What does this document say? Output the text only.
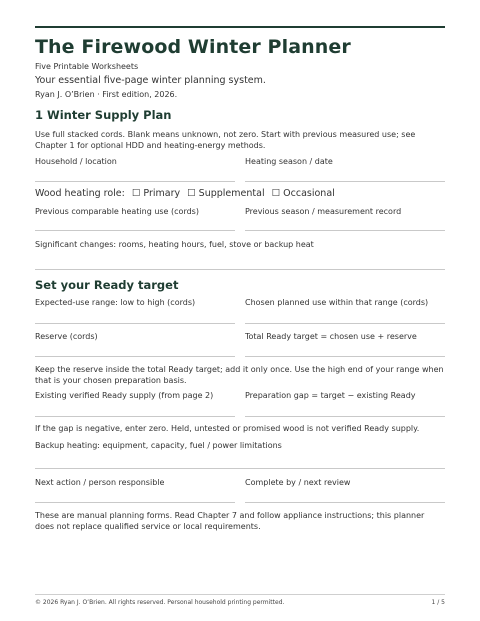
The Firewood Winter Planner
Five Printable Worksheets
Your essential five-page winter planning system.
Ryan J. O’Brien · First edition, 2026.
1 Winter Supply Plan
Use full stacked cords. Blank means unknown, not zero. Start with previous measured use; see Chapter 1 for optional HDD and heating-energy methods.
Household / location	Heating season / date
Wood heating role: ☐ Primary ☐ Supplemental ☐ Occasional
Previous comparable heating use (cords)	Previous season / measurement record
Significant changes: rooms, heating hours, fuel, stove or backup heat
Set your Ready target
Expected-use range: low to high (cords)	Chosen planned use within that range (cords)
Reserve (cords)	Total Ready target = chosen use + reserve
Keep the reserve inside the total Ready target; add it only once. Use the high end of your range when that is your chosen preparation basis.
Existing verified Ready supply (from page 2)	Preparation gap = target − existing Ready
If the gap is negative, enter zero. Held, untested or promised wood is not verified Ready supply.
Backup heating: equipment, capacity, fuel / power limitations
Next action / person responsible	Complete by / next review
These are manual planning forms. Read Chapter 7 and follow appliance instructions; this planner does not replace qualified service or local requirements.
© 2026 Ryan J. O’Brien. All rights reserved. Personal household printing permitted.	1 / 5
